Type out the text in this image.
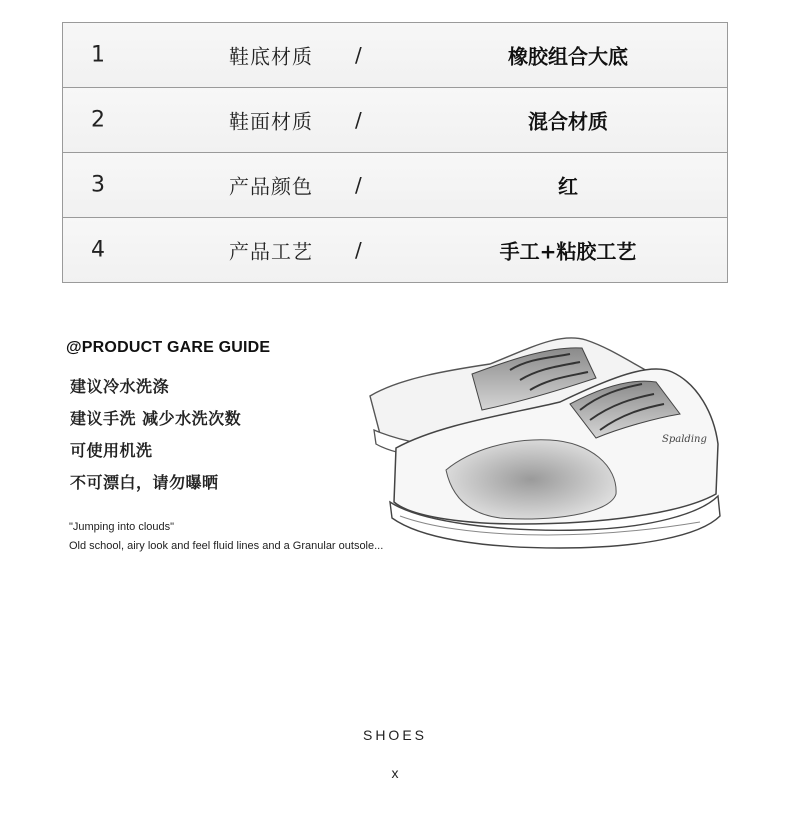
1	鞋底材质 /	橡胶组合大底
2	鞋面材质 /	混合材质
3	产品颜色 /	红
4	产品工艺 /	手工+粘胶工艺
@PRODUCT GARE GUIDE
建议冷水洗涤
建议手洗 减少水洗次数
可使用机洗
不可漂白，请勿曝晒
"Jumping into clouds"
Old school, airy look and feel fluid lines and a Granular outsole...
Spalding
SHOES
x
